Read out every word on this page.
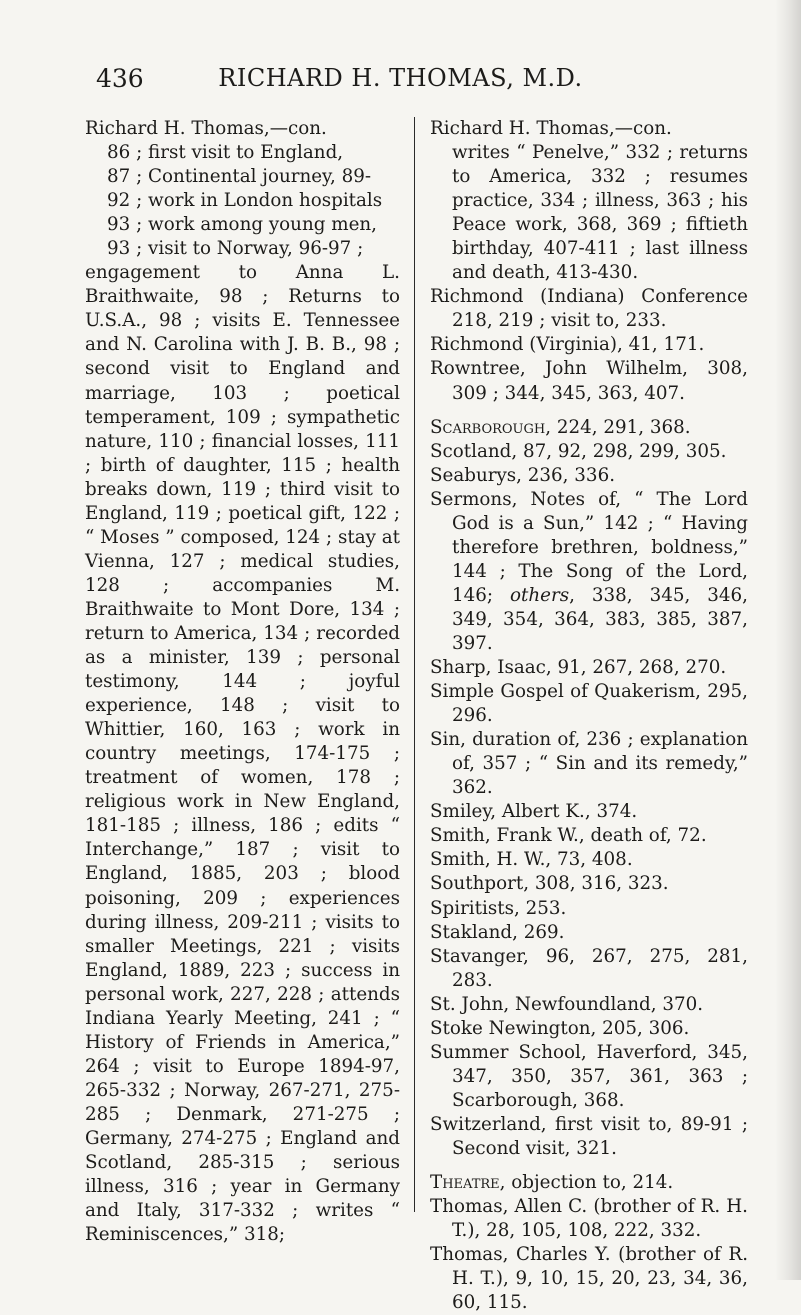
436	RICHARD H. THOMAS, M.D.

Richard H. Thomas,—con.

86 ; first visit to England,

87 ; Continental journey, 89-

92 ; work in London hospitals

93 ; work among young men,

93 ; visit to Norway, 96-97 ;

engagement to Anna L. Braithwaite, 98 ; Returns to U.S.A., 98 ; visits E. Tennessee and N. Carolina with J. B. B., 98 ; second visit to England and marriage, 103 ; poetical temperament, 109 ; sympathetic nature, 110 ; financial losses, 111 ; birth of daughter, 115 ; health breaks down, 119 ; third visit to England, 119 ; poetical gift, 122 ; “ Moses ” composed, 124 ; stay at Vienna, 127 ; medical studies, 128 ; accompanies M. Braithwaite to Mont Dore, 134 ; return to America, 134 ; recorded as a minister, 139 ; personal testimony, 144 ; joyful experience, 148 ; visit to Whittier, 160, 163 ; work in country meetings, 174-175 ; treatment of women, 178 ; religious work in New England, 181-185 ; illness, 186 ; edits “ Interchange,” 187 ; visit to England, 1885, 203 ; blood poisoning, 209 ; experiences during illness, 209-211 ; visits to smaller Meetings, 221 ; visits England, 1889, 223 ; success in personal work, 227, 228 ; attends Indiana Yearly Meeting, 241 ; “ History of Friends in America,” 264 ; visit to Europe 1894-97, 265-332 ; Norway, 267-271, 275-285 ; Denmark, 271-275 ; Germany, 274-275 ; England and Scotland, 285-315 ; serious illness, 316 ; year in Germany and Italy, 317-332 ; writes “ Reminiscences,” 318;

Richard H. Thomas,—con.

writes “ Penelve,” 332 ; returns to America, 332 ; resumes practice, 334 ; illness, 363 ; his Peace work, 368, 369 ; fiftieth birthday, 407-411 ; last illness and death, 413-430.

Richmond (Indiana) Conference 218, 219 ; visit to, 233.

Richmond (Virginia), 41, 171.

Rowntree, John Wilhelm, 308, 309 ; 344, 345, 363, 407.

Scarborough, 224, 291, 368.

Scotland, 87, 92, 298, 299, 305.

Seaburys, 236, 336.

Sermons, Notes of, “ The Lord God is a Sun,” 142 ; “ Having therefore brethren, boldness,” 144 ; The Song of the Lord, 146; others, 338, 345, 346, 349, 354, 364, 383, 385, 387, 397.

Sharp, Isaac, 91, 267, 268, 270.

Simple Gospel of Quakerism, 295, 296.

Sin, duration of, 236 ; explanation of, 357 ; “ Sin and its remedy,” 362.

Smiley, Albert K., 374.

Smith, Frank W., death of, 72.

Smith, H. W., 73, 408.

Southport, 308, 316, 323.

Spiritists, 253.

Stakland, 269.

Stavanger, 96, 267, 275, 281, 283.

St. John, Newfoundland, 370.

Stoke Newington, 205, 306.

Summer School, Haverford, 345, 347, 350, 357, 361, 363 ; Scarborough, 368.

Switzerland, first visit to, 89-91 ; Second visit, 321.

Theatre, objection to, 214.

Thomas, Allen C. (brother of R. H. T.), 28, 105, 108, 222, 332.

Thomas, Charles Y. (brother of R. H. T.), 9, 10, 15, 20, 23, 34, 36, 60, 115.
